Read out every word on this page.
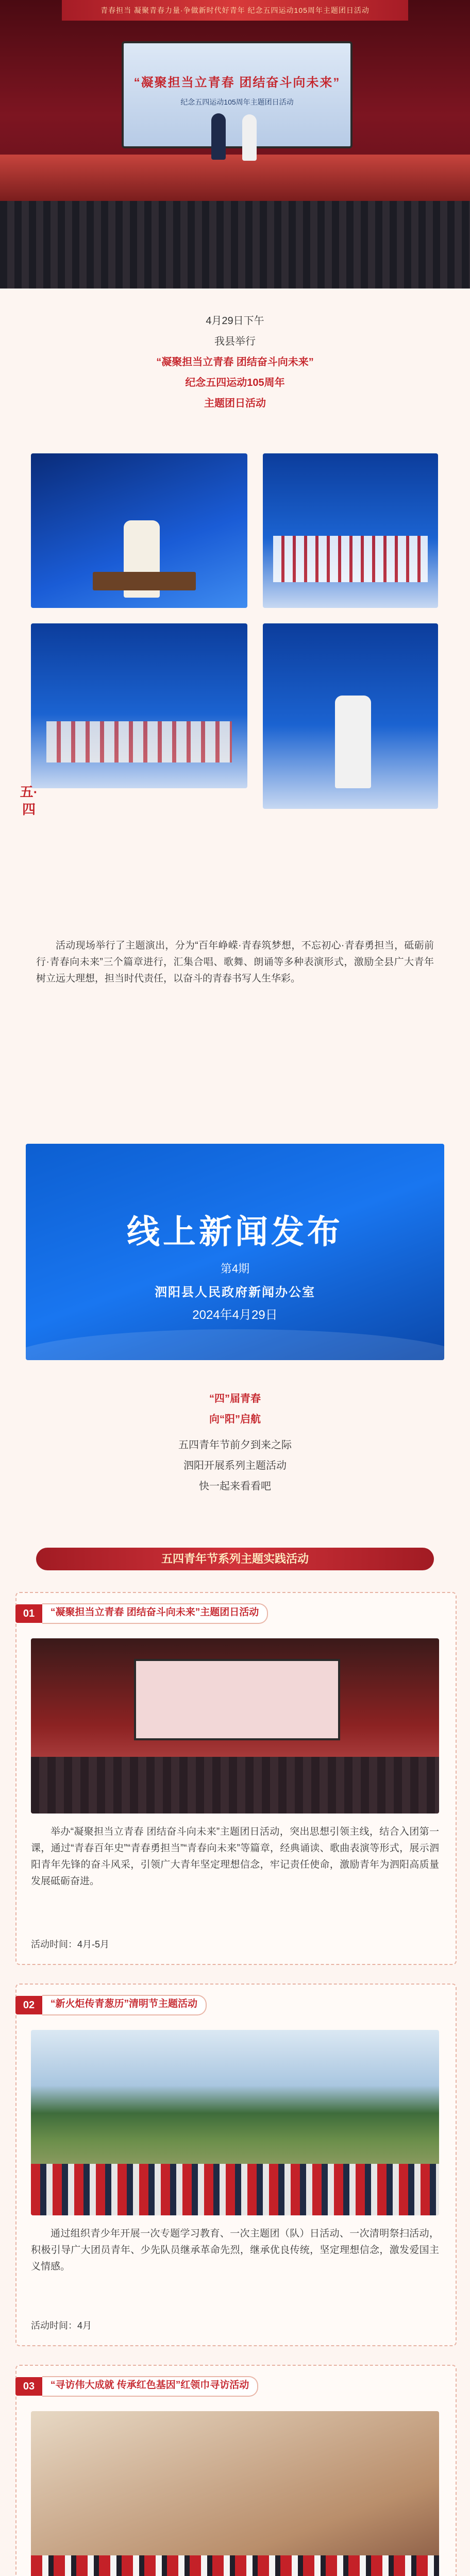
青春担当 凝聚青春力量·争做新时代好青年 纪念五四运动105周年主题团日活动
“凝聚担当立青春 团结奋斗向未来”
纪念五四运动105周年主题团日活动
4月29日下午
我县举行
“凝聚担当立青春 团结奋斗向未来”
纪念五四运动105周年
主题团日活动
五·四
活动现场举行了主题演出，分为“百年峥嵘·青春筑梦想，不忘初心·青春勇担当，砥砺前行·青春向未来”三个篇章进行，汇集合唱、歌舞、朗诵等多种表演形式，激励全县广大青年树立远大理想，担当时代责任，以奋斗的青春书写人生华彩。
线上新闻发布
第4期
泗阳县人民政府新闻办公室
2024年4月29日
“四”届青春
向“阳”启航
五四青年节前夕到来之际
泗阳开展系列主题活动
快一起来看看吧
五四青年节系列主题实践活动
01	“凝聚担当立青春 团结奋斗向未来”主题团日活动
举办“凝聚担当立青春 团结奋斗向未来”主题团日活动，突出思想引领主线，结合入团第一课，通过“青春百年史”“青春勇担当”“青春向未来”等篇章，经典诵读、歌曲表演等形式，展示泗阳青年先锋的奋斗风采，引领广大青年坚定理想信念，牢记责任使命，激励青年为泗阳高质量发展砥砺奋进。
活动时间：4月-5月
02	“新火炬传青葱历”清明节主题活动
通过组织青少年开展一次专题学习教育、一次主题团（队）日活动、一次清明祭扫活动，积极引导广大团员青年、少先队员继承革命先烈，继承优良传统，坚定理想信念，激发爱国主义情感。
活动时间：4月
03	“寻访伟大成就 传承红色基因”红领巾寻访活动
